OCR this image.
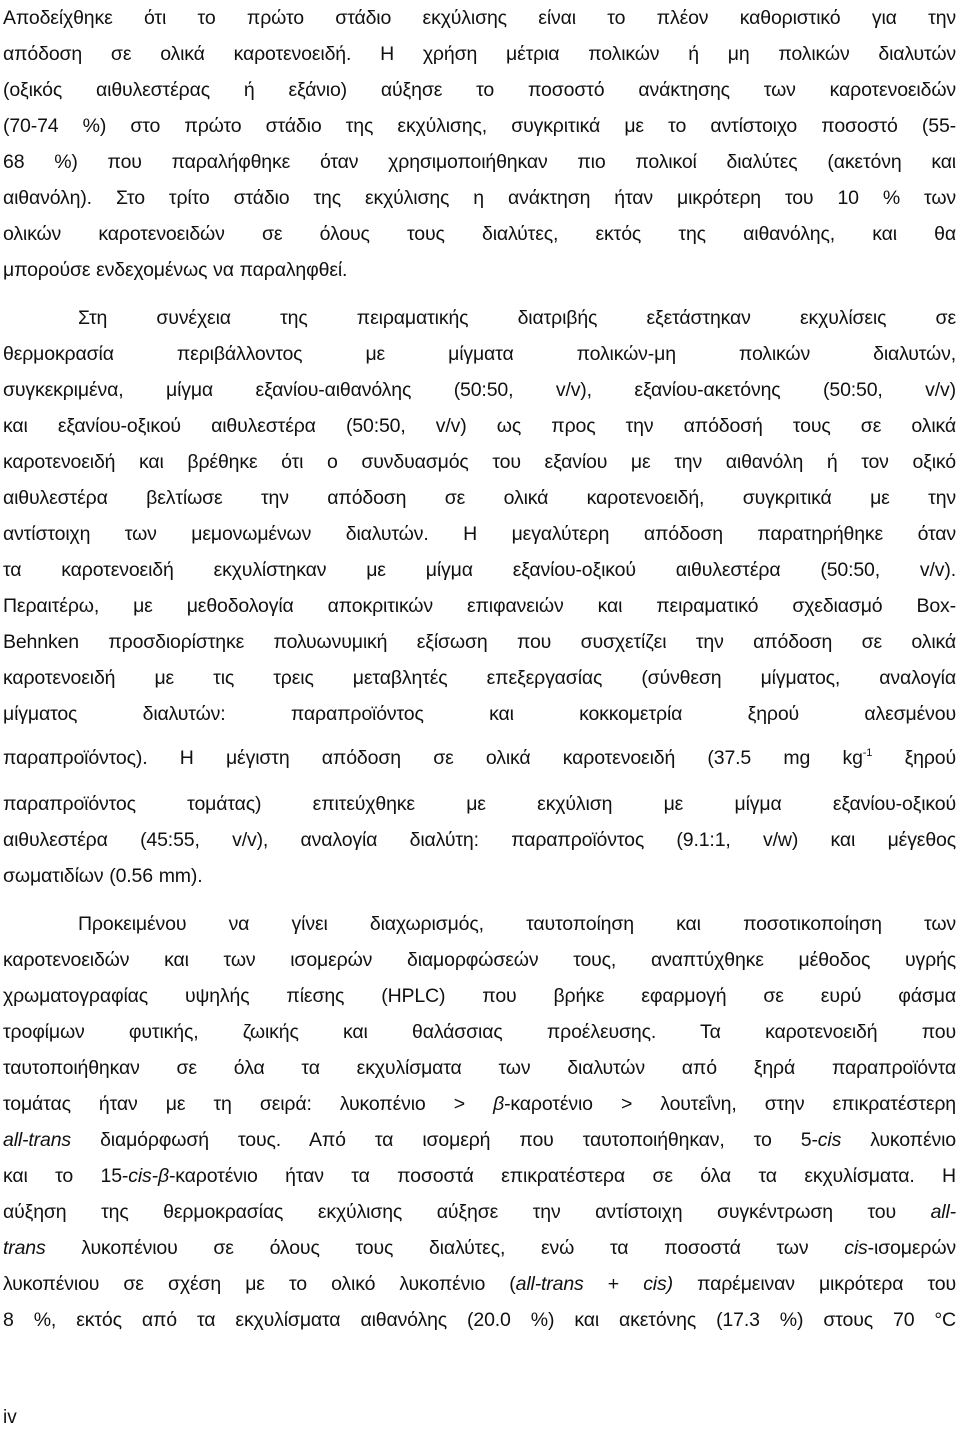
Αποδείχθηκε ότι το πρώτο στάδιο εκχύλισης είναι το πλέον καθοριστικό για την
απόδοση σε ολικά καροτενοειδή. Η χρήση μέτρια πολικών ή μη πολικών διαλυτών
(οξικός αιθυλεστέρας ή εξάνιο) αύξησε το ποσοστό ανάκτησης των καροτενοειδών
(70-74 %) στο πρώτο στάδιο της εκχύλισης, συγκριτικά με το αντίστοιχο ποσοστό (55-
68 %) που παραλήφθηκε όταν χρησιμοποιήθηκαν πιο πολικοί διαλύτες (ακετόνη και
αιθανόλη). Στο τρίτο στάδιο της εκχύλισης η ανάκτηση ήταν μικρότερη του 10 % των
ολικών καροτενοειδών σε όλους τους διαλύτες, εκτός της αιθανόλης, και θα
μπορούσε ενδεχομένως να παραληφθεί.
Στη συνέχεια της πειραματικής διατριβής εξετάστηκαν εκχυλίσεις σε
θερμοκρασία περιβάλλοντος με μίγματα πολικών-μη πολικών διαλυτών,
συγκεκριμένα, μίγμα εξανίου-αιθανόλης (50:50, v/v), εξανίου-ακετόνης (50:50, v/v)
και εξανίου-οξικού αιθυλεστέρα (50:50, v/v) ως προς την απόδοσή τους σε ολικά
καροτενοειδή και βρέθηκε ότι ο συνδυασμός του εξανίου με την αιθανόλη ή τον οξικό
αιθυλεστέρα βελτίωσε την απόδοση σε ολικά καροτενοειδή, συγκριτικά με την
αντίστοιχη των μεμονωμένων διαλυτών. Η μεγαλύτερη απόδοση παρατηρήθηκε όταν
τα καροτενοειδή εκχυλίστηκαν με μίγμα εξανίου-οξικού αιθυλεστέρα (50:50, v/v).
Περαιτέρω, με μεθοδολογία αποκριτικών επιφανειών και πειραματικό σχεδιασμό Box-
Behnken προσδιορίστηκε πολυωνυμική εξίσωση που συσχετίζει την απόδοση σε ολικά
καροτενοειδή με τις τρεις μεταβλητές επεξεργασίας (σύνθεση μίγματος, αναλογία
μίγματος διαλυτών: παραπροϊόντος και κοκκομετρία ξηρού αλεσμένου
παραπροϊόντος). Η μέγιστη απόδοση σε ολικά καροτενοειδή (37.5 mg $kg^{-1}$ ξηρού
παραπροϊόντος τομάτας) επιτεύχθηκε με εκχύλιση με μίγμα εξανίου-οξικού
αιθυλεστέρα (45:55, v/v), αναλογία διαλύτη: παραπροϊόντος (9.1:1, v/w) και μέγεθος
σωματιδίων (0.56 mm).
Προκειμένου να γίνει διαχωρισμός, ταυτοποίηση και ποσοτικοποίηση των
καροτενοειδών και των ισομερών διαμορφώσεών τους, αναπτύχθηκε μέθοδος υγρής
χρωματογραφίας υψηλής πίεσης (HPLC) που βρήκε εφαρμογή σε ευρύ φάσμα
τροφίμων φυτικής, ζωικής και θαλάσσιας προέλευσης. Τα καροτενοειδή που
ταυτοποιήθηκαν σε όλα τα εκχυλίσματα των διαλυτών από ξηρά παραπροϊόντα
τομάτας ήταν με τη σειρά: λυκοπένιο > β-καροτένιο > λουτεΐνη, στην επικρατέστερη
all-trans διαμόρφωσή τους. Από τα ισομερή που ταυτοποιήθηκαν, το 5-cis λυκοπένιο
και το 15-cis-β-καροτένιο ήταν τα ποσοστά επικρατέστερα σε όλα τα εκχυλίσματα. Η
αύξηση της θερμοκρασίας εκχύλισης αύξησε την αντίστοιχη συγκέντρωση του all-
trans λυκοπένιου σε όλους τους διαλύτες, ενώ τα ποσοστά των cis-ισομερών
λυκοπένιου σε σχέση με το ολικό λυκοπένιο (all-trans + cis) παρέμειναν μικρότερα του
8 %, εκτός από τα εκχυλίσματα αιθανόλης (20.0 %) και ακετόνης (17.3 %) στους 70 °C
iv
